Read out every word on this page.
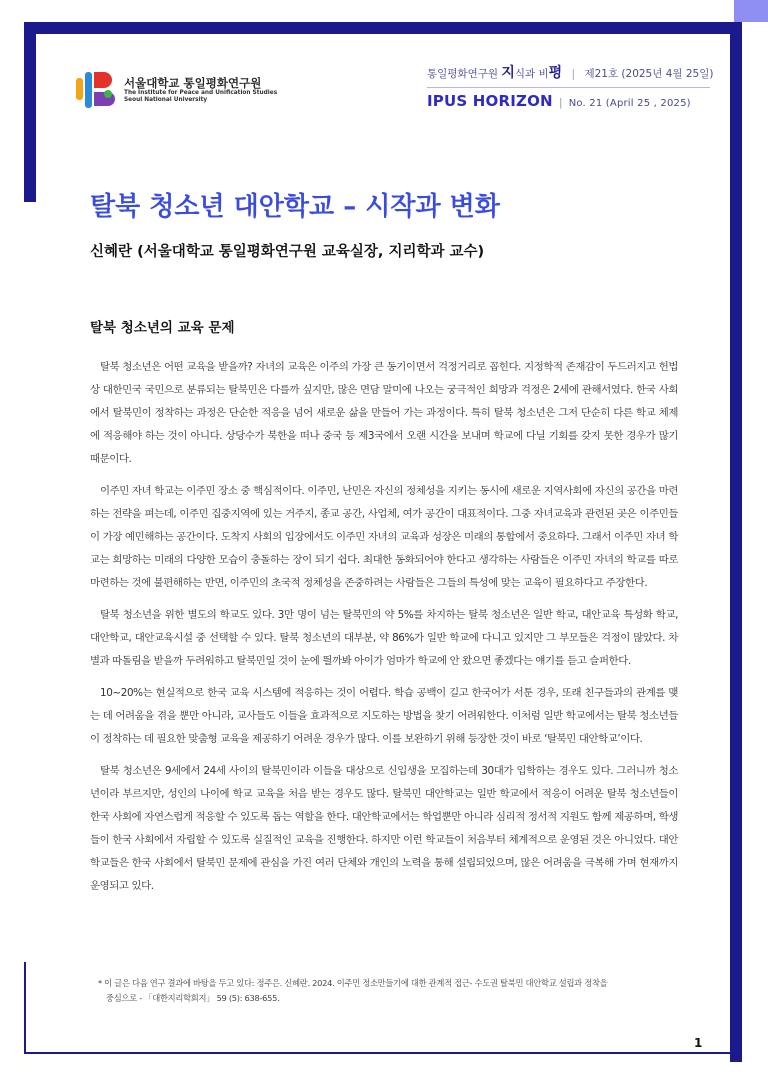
서울대학교 통일평화연구원
The Institute for Peace and Unification Studies
Seoul National University
통일평화연구원 지식과 비평 | 제21호 (2025년 4월 25일)
IPUS HORIZON | No. 21 (April 25 , 2025)
탈북 청소년 대안학교 – 시작과 변화
신혜란 (서울대학교 통일평화연구원 교육실장, 지리학과 교수)
탈북 청소년의 교육 문제

탈북 청소년은 어떤 교육을 받을까? 자녀의 교육은 이주의 가장 큰 동기이면서 걱정거리로 꼽힌다. 지정학적 존재감이 두드러지고 헌법상 대한민국 국민으로 분류되는 탈북민은 다를까 싶지만, 많은 면담 말미에 나오는 궁극적인 희망과 걱정은 2세에 관해서였다. 한국 사회에서 탈북민이 정착하는 과정은 단순한 적응을 넘어 새로운 삶을 만들어 가는 과정이다. 특히 탈북 청소년은 그저 단순히 다른 학교 체제에 적응해야 하는 것이 아니다. 상당수가 북한을 떠나 중국 등 제3국에서 오랜 시간을 보내며 학교에 다닐 기회를 갖지 못한 경우가 많기 때문이다.

이주민 자녀 학교는 이주민 장소 중 핵심적이다. 이주민, 난민은 자신의 정체성을 지키는 동시에 새로운 지역사회에 자신의 공간을 마련하는 전략을 펴는데, 이주민 집중지역에 있는 거주지, 종교 공간, 사업체, 여가 공간이 대표적이다. 그중 자녀교육과 관련된 곳은 이주민들이 가장 예민해하는 공간이다. 도착지 사회의 입장에서도 이주민 자녀의 교육과 성장은 미래의 통합에서 중요하다. 그래서 이주민 자녀 학교는 희망하는 미래의 다양한 모습이 충돌하는 장이 되기 쉽다. 최대한 동화되어야 한다고 생각하는 사람들은 이주민 자녀의 학교를 따로 마련하는 것에 불편해하는 반면, 이주민의 초국적 정체성을 존중하려는 사람들은 그들의 특성에 맞는 교육이 필요하다고 주장한다.

탈북 청소년을 위한 별도의 학교도 있다. 3만 명이 넘는 탈북민의 약 5%를 차지하는 탈북 청소년은 일반 학교, 대안교육 특성화 학교, 대안학교, 대안교육시설 중 선택할 수 있다. 탈북 청소년의 대부분, 약 86%가 일반 학교에 다니고 있지만 그 부모들은 걱정이 많았다. 차별과 따돌림을 받을까 두려워하고 탈북민일 것이 눈에 띌까봐 아이가 엄마가 학교에 안 왔으면 좋겠다는 얘기를 듣고 슬퍼한다.

10~20%는 현실적으로 한국 교육 시스템에 적응하는 것이 어렵다. 학습 공백이 길고 한국어가 서툰 경우, 또래 친구들과의 관계를 맺는 데 어려움을 겪을 뿐만 아니라, 교사들도 이들을 효과적으로 지도하는 방법을 찾기 어려워한다. 이처럼 일반 학교에서는 탈북 청소년들이 정착하는 데 필요한 맞춤형 교육을 제공하기 어려운 경우가 많다. 이를 보완하기 위해 등장한 것이 바로 ‘탈북민 대안학교’이다.

탈북 청소년은 9세에서 24세 사이의 탈북민이라 이들을 대상으로 신입생을 모집하는데 30대가 입학하는 경우도 있다. 그러니까 청소년이라 부르지만, 성인의 나이에 학교 교육을 처음 받는 경우도 많다. 탈북민 대안학교는 일반 학교에서 적응이 어려운 탈북 청소년들이 한국 사회에 자연스럽게 적응할 수 있도록 돕는 역할을 한다. 대안학교에서는 학업뿐만 아니라 심리적 정서적 지원도 함께 제공하며, 학생들이 한국 사회에서 자립할 수 있도록 실질적인 교육을 진행한다. 하지만 이런 학교들이 처음부터 체계적으로 운영된 것은 아니었다. 대안학교들은 한국 사회에서 탈북민 문제에 관심을 가진 여러 단체와 개인의 노력을 통해 설립되었으며, 많은 어려움을 극복해 가며 현재까지 운영되고 있다.

* 이 글은 다음 연구 결과에 바탕을 두고 있다: 정주은. 신혜란. 2024. 이주민 정소만들기에 대한 관계적 접근- 수도권 탈북민 대안학교 설립과 정착을
중심으로 - 「대한지리학회지」 59 (5): 638-655.
1
